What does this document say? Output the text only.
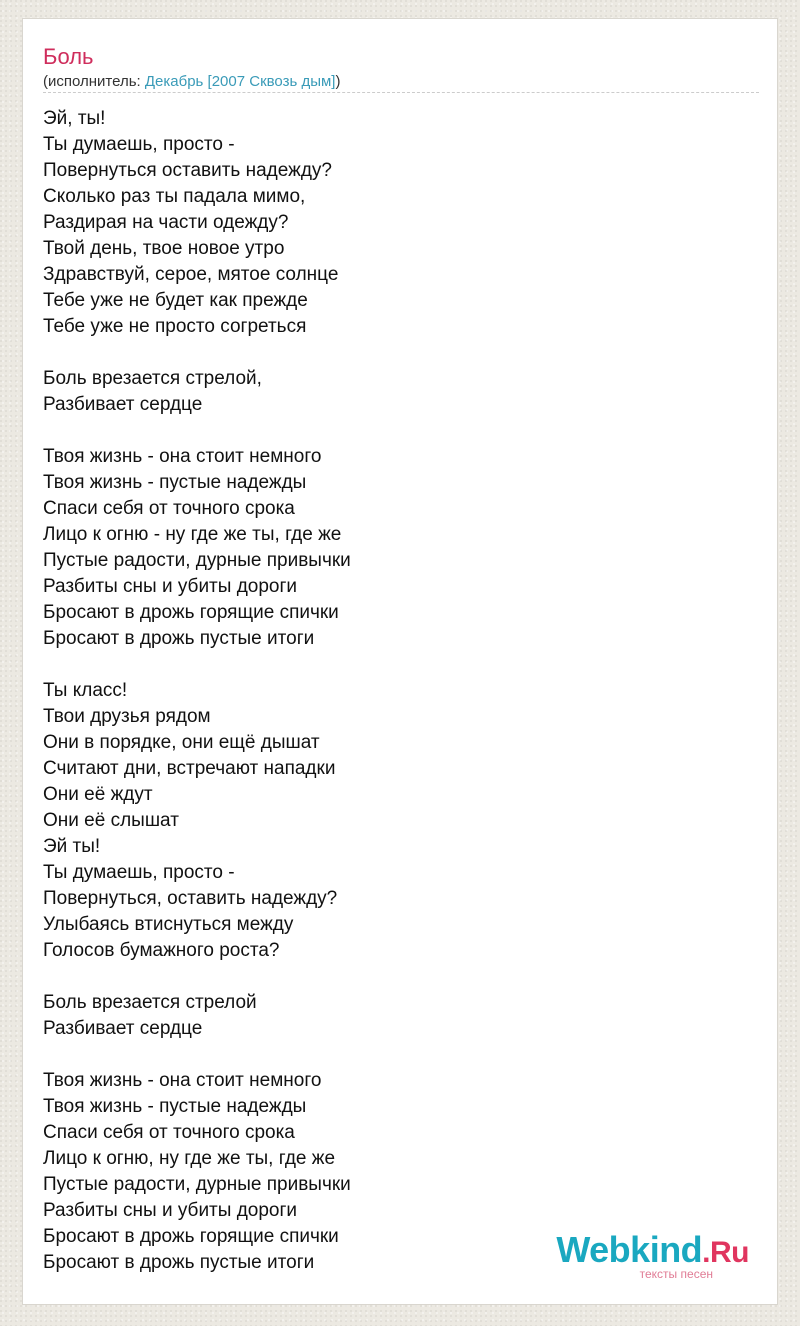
Боль
(исполнитель: Декабрь [2007 Сквозь дым])
Эй, ты!
Ты думаешь, просто -
Повернуться оставить надежду?
Сколько раз ты падала мимо,
Раздирая на части одежду?
Твой день, твое новое утро
Здравствуй, серое, мятое солнце
Тебе уже не будет как прежде
Тебе уже не просто согреться
Боль врезается стрелой,
Разбивает сердце
Твоя жизнь - она стоит немного
Твоя жизнь - пустые надежды
Спаси себя от точного срока
Лицо к огню - ну где же ты, где же
Пустые радости, дурные привычки
Разбиты сны и убиты дороги
Бросают в дрожь горящие спички
Бросают в дрожь пустые итоги
Ты класс!
Твои друзья рядом
Они в порядке, они ещё дышат
Считают дни, встречают нападки
Они её ждут
Они её слышат
Эй ты!
Ты думаешь, просто -
Повернуться, оставить надежду?
Улыбаясь втиснуться между
Голосов бумажного роста?
Боль врезается стрелой
Разбивает сердце
Твоя жизнь - она стоит немного
Твоя жизнь - пустые надежды
Спаси себя от точного срока
Лицо к огню, ну где же ты, где же
Пустые радости, дурные привычки
Разбиты сны и убиты дороги
Бросают в дрожь горящие спички
Бросают в дрожь пустые итоги	Webkind.Ru
тексты песен
